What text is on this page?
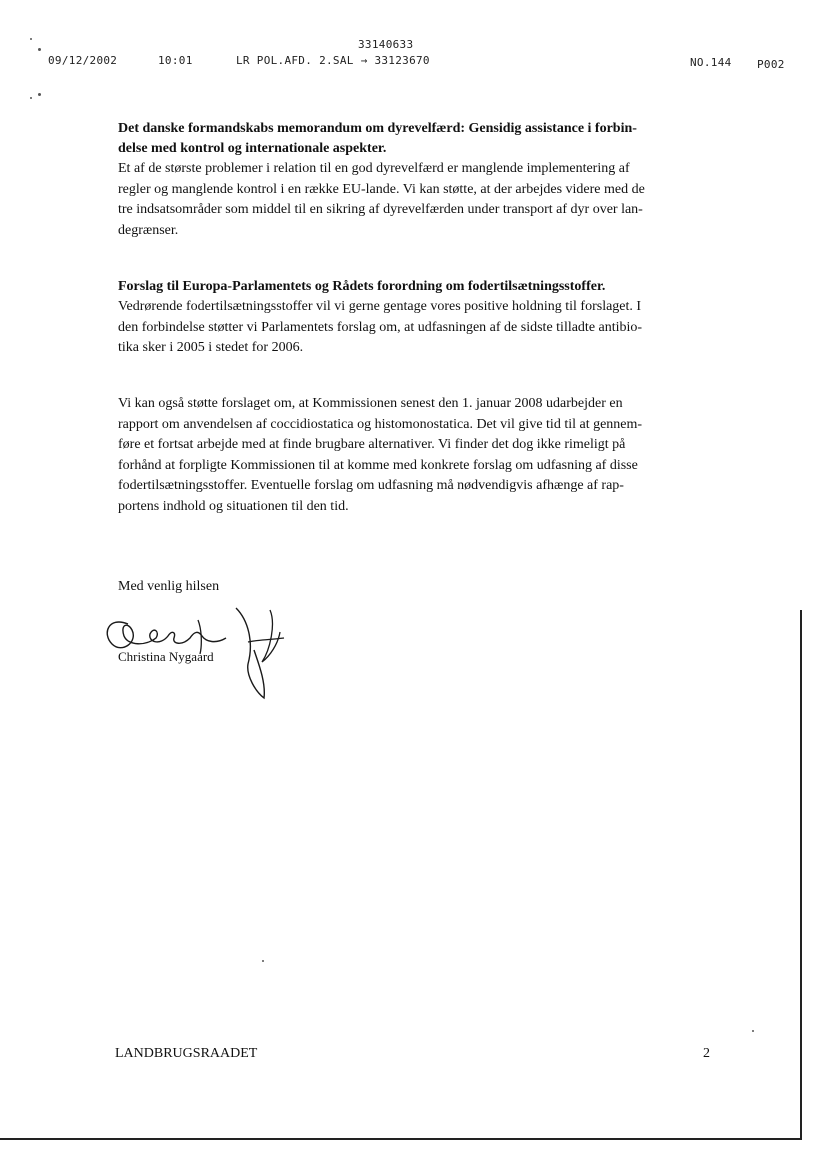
33140633
09/12/2002	10:01	LR POL.AFD. 2.SAL → 33123670	NO.144 P002
Det danske formandskabs memorandum om dyrevelfærd: Gensidig assistance i forbin-
delse med kontrol og internationale aspekter.
Et af de største problemer i relation til en god dyrevelfærd er manglende implementering af
regler og manglende kontrol i en række EU-lande. Vi kan støtte, at der arbejdes videre med de
tre indsatsområder som middel til en sikring af dyrevelfærden under transport af dyr over lan-
degrænser.
Forslag til Europa-Parlamentets og Rådets forordning om fodertilsætningsstoffer.
Vedrørende fodertilsætningsstoffer vil vi gerne gentage vores positive holdning til forslaget. I
den forbindelse støtter vi Parlamentets forslag om, at udfasningen af de sidste tilladte antibio-
tika sker i 2005 i stedet for 2006.
Vi kan også støtte forslaget om, at Kommissionen senest den 1. januar 2008 udarbejder en
rapport om anvendelsen af coccidiostatica og histomonostatica. Det vil give tid til at gennem-
føre et fortsat arbejde med at finde brugbare alternativer. Vi finder det dog ikke rimeligt på
forhånd at forpligte Kommissionen til at komme med konkrete forslag om udfasning af disse
fodertilsætningsstoffer. Eventuelle forslag om udfasning må nødvendigvis afhænge af rap-
portens indhold og situationen til den tid.
Med venlig hilsen
Christina Nygaard
LANDBRUGSRAADET	2
